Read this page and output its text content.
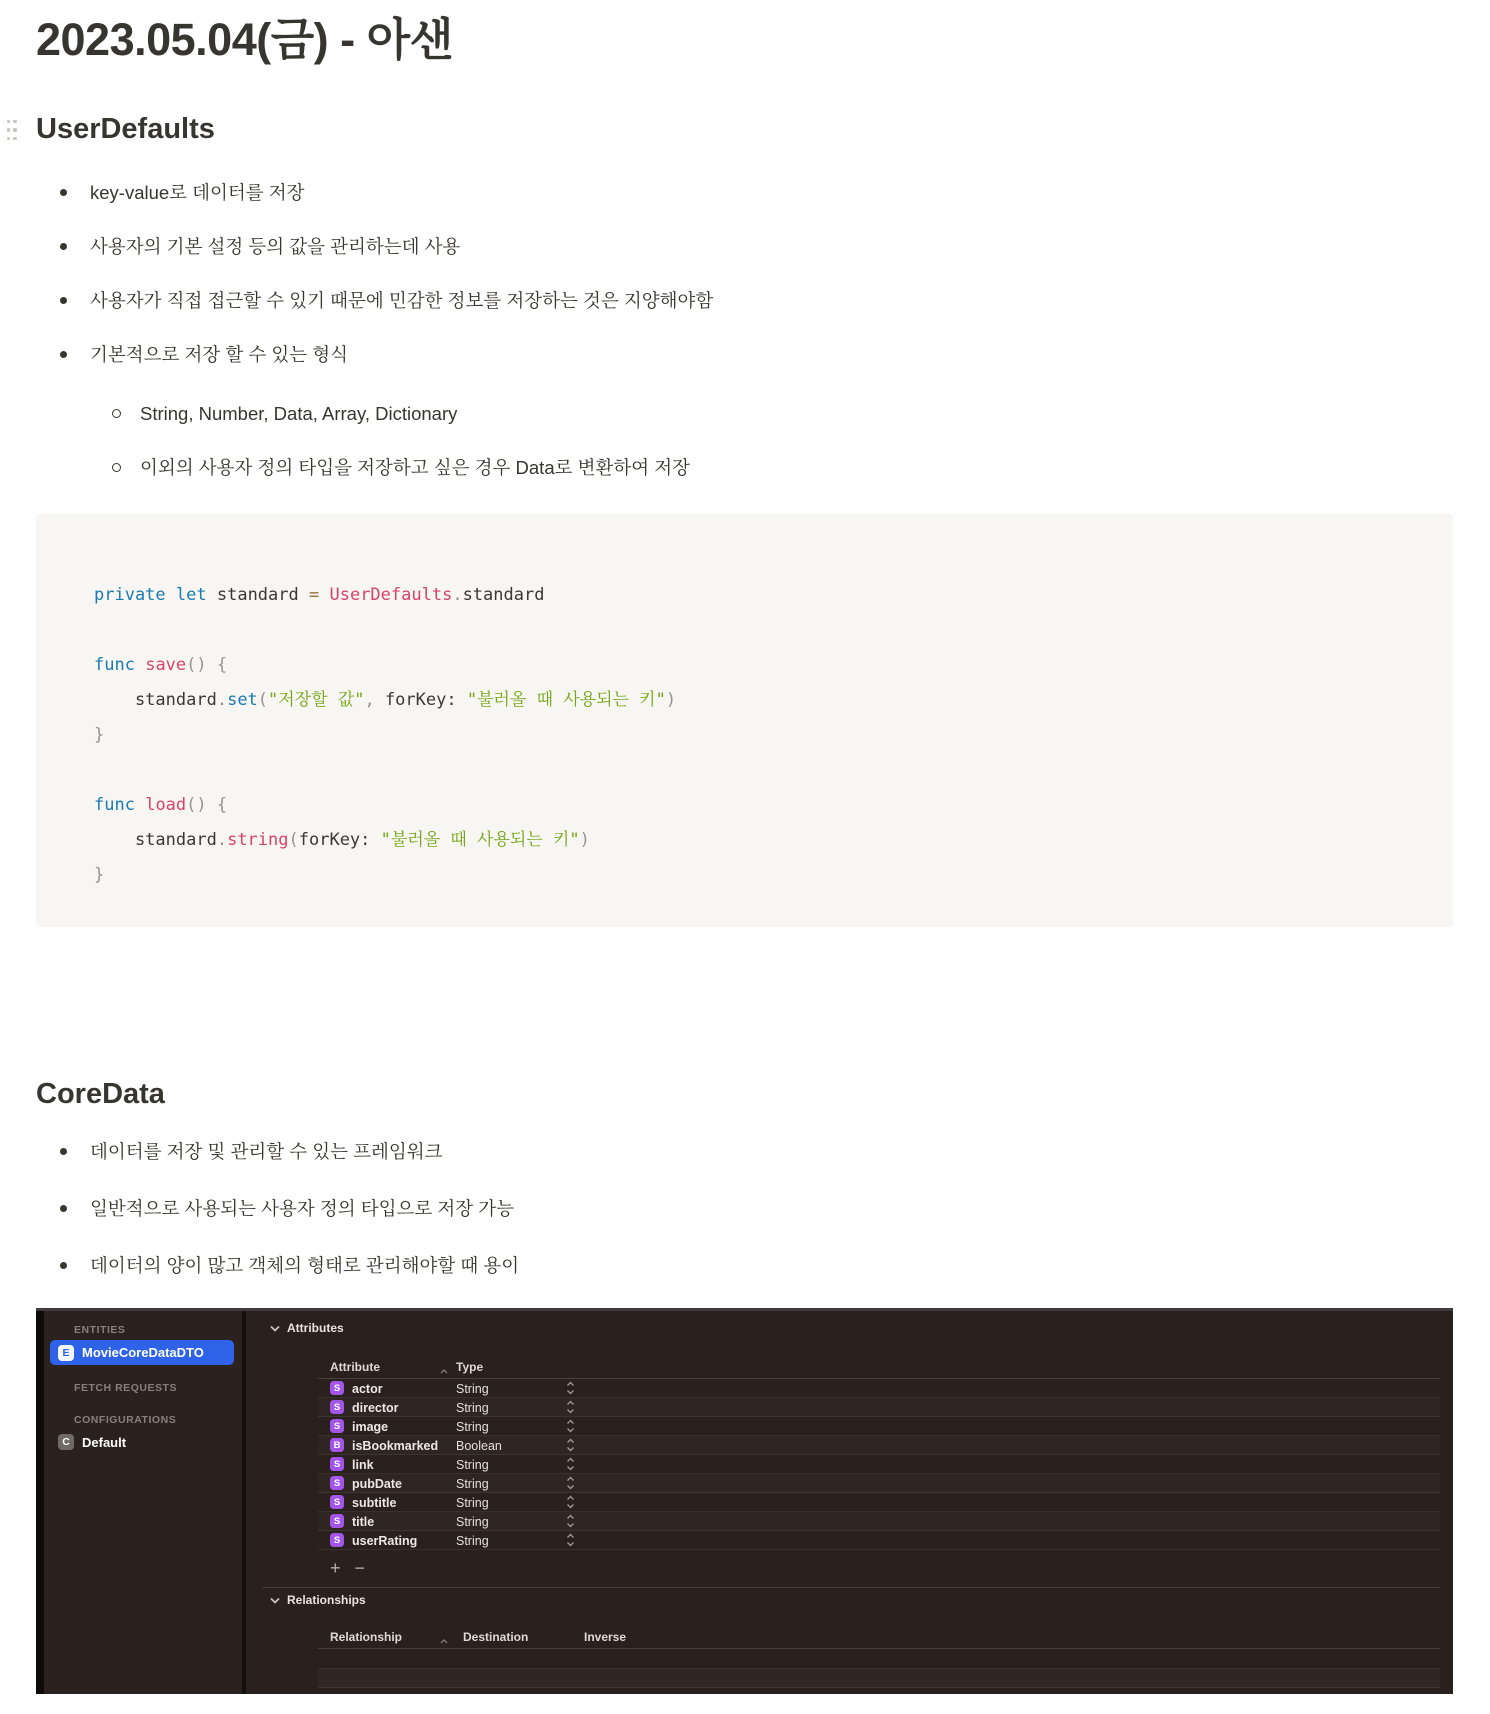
2023.05.04(금) - 아샌
UserDefaults
key-value로 데이터를 저장
사용자의 기본 설정 등의 값을 관리하는데 사용
사용자가 직접 접근할 수 있기 때문에 민감한 정보를 저장하는 것은 지양해야함
기본적으로 저장 할 수 있는 형식
String, Number, Data, Array, Dictionary
이외의 사용자 정의 타입을 저장하고 싶은 경우 Data로 변환하여 저장
private let standard = UserDefaults.standard

func save() {
standard.set("저장할 값", forKey: "불러올 때 사용되는 키")
}

func load() {
standard.string(forKey: "불러올 때 사용되는 키")
}
CoreData
데이터를 저장 및 관리할 수 있는 프레임워크
일반적으로 사용되는 사용자 정의 타입으로 저장 가능
데이터의 양이 많고 객체의 형태로 관리해야할 때 용이
ENTITIES
E MovieCoreDataDTO
FETCH REQUESTS
CONFIGURATIONS
C Default
Attributes
Attribute	Type
S actor	String
S director	String
S image	String
B isBookmarked Boolean
S link	String
S pubDate	String
S subtitle	String
S title	String
S userRating	String
+ −
Relationships
Relationship	Destination	Inverse
